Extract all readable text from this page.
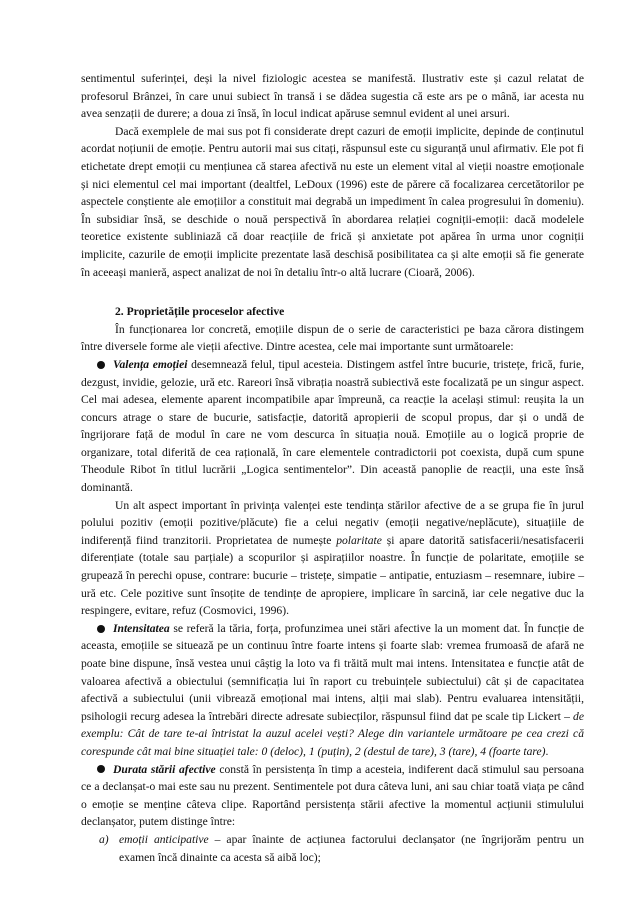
sentimentul suferinței, deși la nivel fiziologic acestea se manifestă. Ilustrativ este și cazul relatat de profesorul Brânzei, în care unui subiect în transă i se dădea sugestia că este ars pe o mână, iar acesta nu avea senzații de durere; a doua zi însă, în locul indicat apăruse semnul evident al unei arsuri.

Dacă exemplele de mai sus pot fi considerate drept cazuri de emoții implicite, depinde de conținutul acordat noțiunii de emoție. Pentru autorii mai sus citați, răspunsul este cu siguranță unul afirmativ. Ele pot fi etichetate drept emoții cu mențiunea că starea afectivă nu este un element vital al vieții noastre emoționale și nici elementul cel mai important (dealtfel, LeDoux (1996) este de părere că focalizarea cercetătorilor pe aspectele conștiente ale emoțiilor a constituit mai degrabă un impediment în calea progresului în domeniu). În subsidiar însă, se deschide o nouă perspectivă în abordarea relației cogniții-emoții: dacă modelele teoretice existente subliniază că doar reacțiile de frică și anxietate pot apărea în urma unor cogniții implicite, cazurile de emoții implicite prezentate lasă deschisă posibilitatea ca și alte emoții să fie generate în aceeași manieră, aspect analizat de noi în detaliu într-o altă lucrare (Cioară, 2006).

2. Proprietățile proceselor afective

În funcționarea lor concretă, emoțiile dispun de o serie de caracteristici pe baza cărora distingem între diversele forme ale vieții afective. Dintre acestea, cele mai importante sunt următoarele:

Valența emoției desemnează felul, tipul acesteia. Distingem astfel între bucurie, tristețe, frică, furie, dezgust, invidie, gelozie, ură etc. Rareori însă vibrația noastră subiectivă este focalizată pe un singur aspect. Cel mai adesea, elemente aparent incompatibile apar împreună, ca reacție la același stimul: reușita la un concurs atrage o stare de bucurie, satisfacție, datorită apropierii de scopul propus, dar și o undă de îngrijorare față de modul în care ne vom descurca în situația nouă. Emoțiile au o logică proprie de organizare, total diferită de cea rațională, în care elementele contradictorii pot coexista, după cum spune Theodule Ribot în titlul lucrării „Logica sentimentelor”. Din această panoplie de reacții, una este însă dominantă.

Un alt aspect important în privința valenței este tendința stărilor afective de a se grupa fie în jurul polului pozitiv (emoții pozitive/plăcute) fie a celui negativ (emoții negative/neplăcute), situațiile de indiferență fiind tranzitorii. Proprietatea de numește polaritate și apare datorită satisfacerii/nesatisfacerii diferențiate (totale sau parțiale) a scopurilor și aspirațiilor noastre. În funcție de polaritate, emoțiile se grupează în perechi opuse, contrare: bucurie – tristețe, simpatie – antipatie, entuziasm – resemnare, iubire – ură etc. Cele pozitive sunt însoțite de tendințe de apropiere, implicare în sarcină, iar cele negative duc la respingere, evitare, refuz (Cosmovici, 1996).

Intensitatea se referă la tăria, forța, profunzimea unei stări afective la un moment dat. În funcție de aceasta, emoțiile se situează pe un continuu între foarte intens și foarte slab: vremea frumoasă de afară ne poate bine dispune, însă vestea unui câștig la loto va fi trăită mult mai intens. Intensitatea e funcție atât de valoarea afectivă a obiectului (semnificația lui în raport cu trebuințele subiectului) cât și de capacitatea afectivă a subiectului (unii vibrează emoțional mai intens, alții mai slab). Pentru evaluarea intensității, psihologii recurg adesea la întrebări directe adresate subiecților, răspunsul fiind dat pe scale tip Lickert – de exemplu: Cât de tare te-ai întristat la auzul acelei vești? Alege din variantele următoare pe cea crezi că corespunde cât mai bine situației tale: 0 (deloc), 1 (puțin), 2 (destul de tare), 3 (tare), 4 (foarte tare).

Durata stării afective constă în persistența în timp a acesteia, indiferent dacă stimulul sau persoana ce a declanșat-o mai este sau nu prezent. Sentimentele pot dura câteva luni, ani sau chiar toată viața pe când o emoție se menține câteva clipe. Raportând persistența stării afective la momentul acțiunii stimulului declanșator, putem distinge între:

a) emoții anticipative – apar înainte de acțiunea factorului declanșator (ne îngrijorăm pentru un examen încă dinainte ca acesta să aibă loc);
